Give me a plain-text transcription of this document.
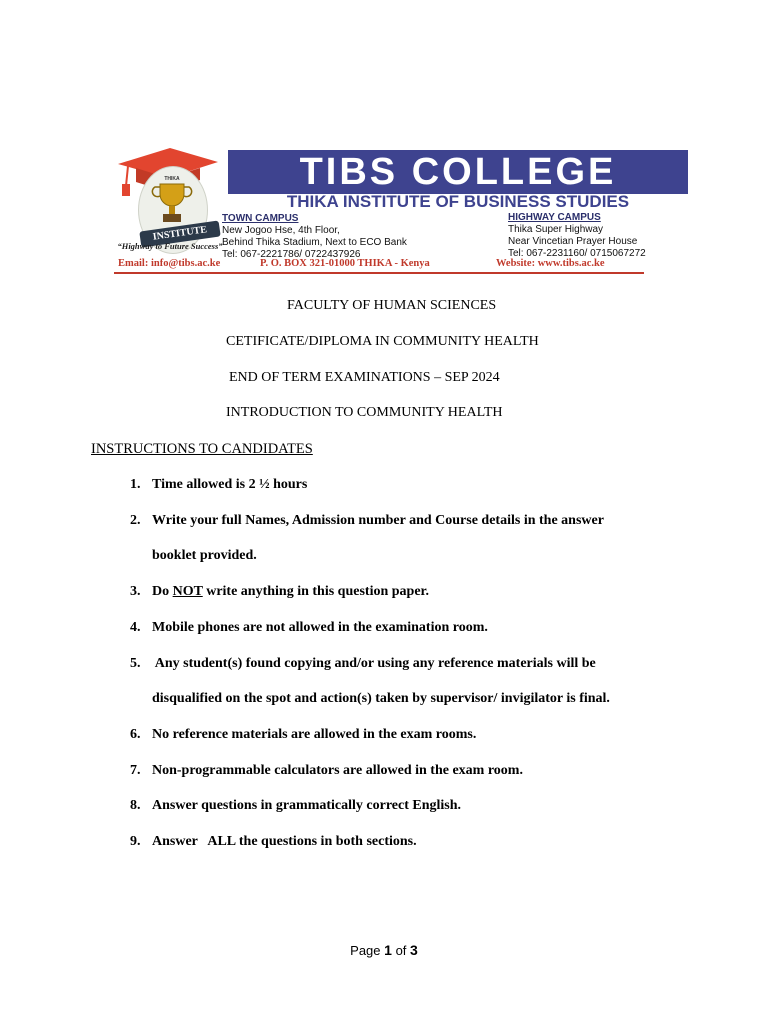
THIKA
INSTITUTE
“Highway to Future Success”
TIBS COLLEGE
THIKA INSTITUTE OF BUSINESS STUDIES
TOWN CAMPUS
New Jogoo Hse, 4th Floor,
Behind Thika Stadium, Next to ECO Bank
Tel: 067-2221786/ 0722437926
HIGHWAY CAMPUS
Thika Super Highway
Near Vincetian Prayer House
Tel: 067-2231160/ 0715067272
Email: info@tibs.ac.ke	P. O. BOX 321-01000 THIKA - Kenya	Website: www.tibs.ac.ke
FACULTY OF HUMAN SCIENCES
CETIFICATE/DIPLOMA IN COMMUNITY HEALTH
END OF TERM EXAMINATIONS – SEP 2024
INTRODUCTION TO COMMUNITY HEALTH
INSTRUCTIONS TO CANDIDATES
1. Time allowed is 2 ½ hours
2. Write your full Names, Admission number and Course details in the answer
booklet provided.
3. Do NOT write anything in this question paper.
4. Mobile phones are not allowed in the examination room.
5. Any student(s) found copying and/or using any reference materials will be
disqualified on the spot and action(s) taken by supervisor/ invigilator is final.
6. No reference materials are allowed in the exam rooms.
7. Non-programmable calculators are allowed in the exam room.
8. Answer questions in grammatically correct English.
9. Answer   ALL the questions in both sections.
Page 1 of 3
